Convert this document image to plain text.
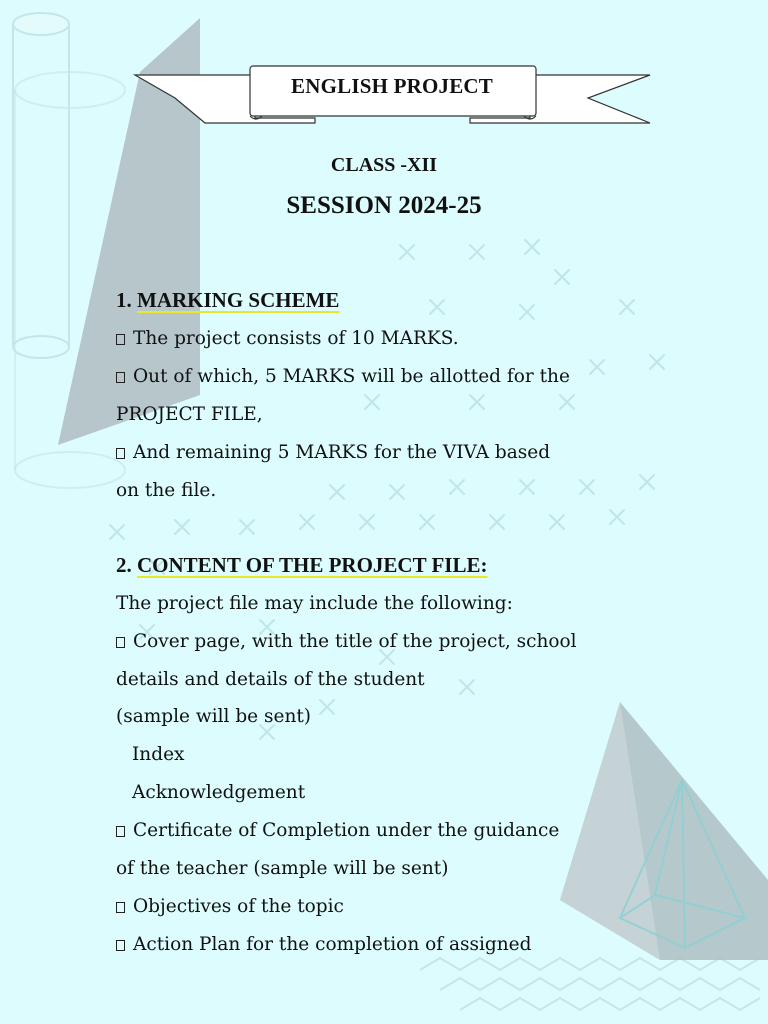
ENGLISH PROJECT
CLASS -XII
SESSION 2024-25
1. MARKING SCHEME
The project consists of 10 MARKS.
Out of which, 5 MARKS will be allotted for the
PROJECT FILE,
And remaining 5 MARKS for the VIVA based
on the file.
2. CONTENT OF THE PROJECT FILE:
The project file may include the following:
Cover page, with the title of the project, school
details and details of the student
(sample will be sent)
Index
Acknowledgement
Certificate of Completion under the guidance
of the teacher (sample will be sent)
Objectives of the topic
Action Plan for the completion of assigned
